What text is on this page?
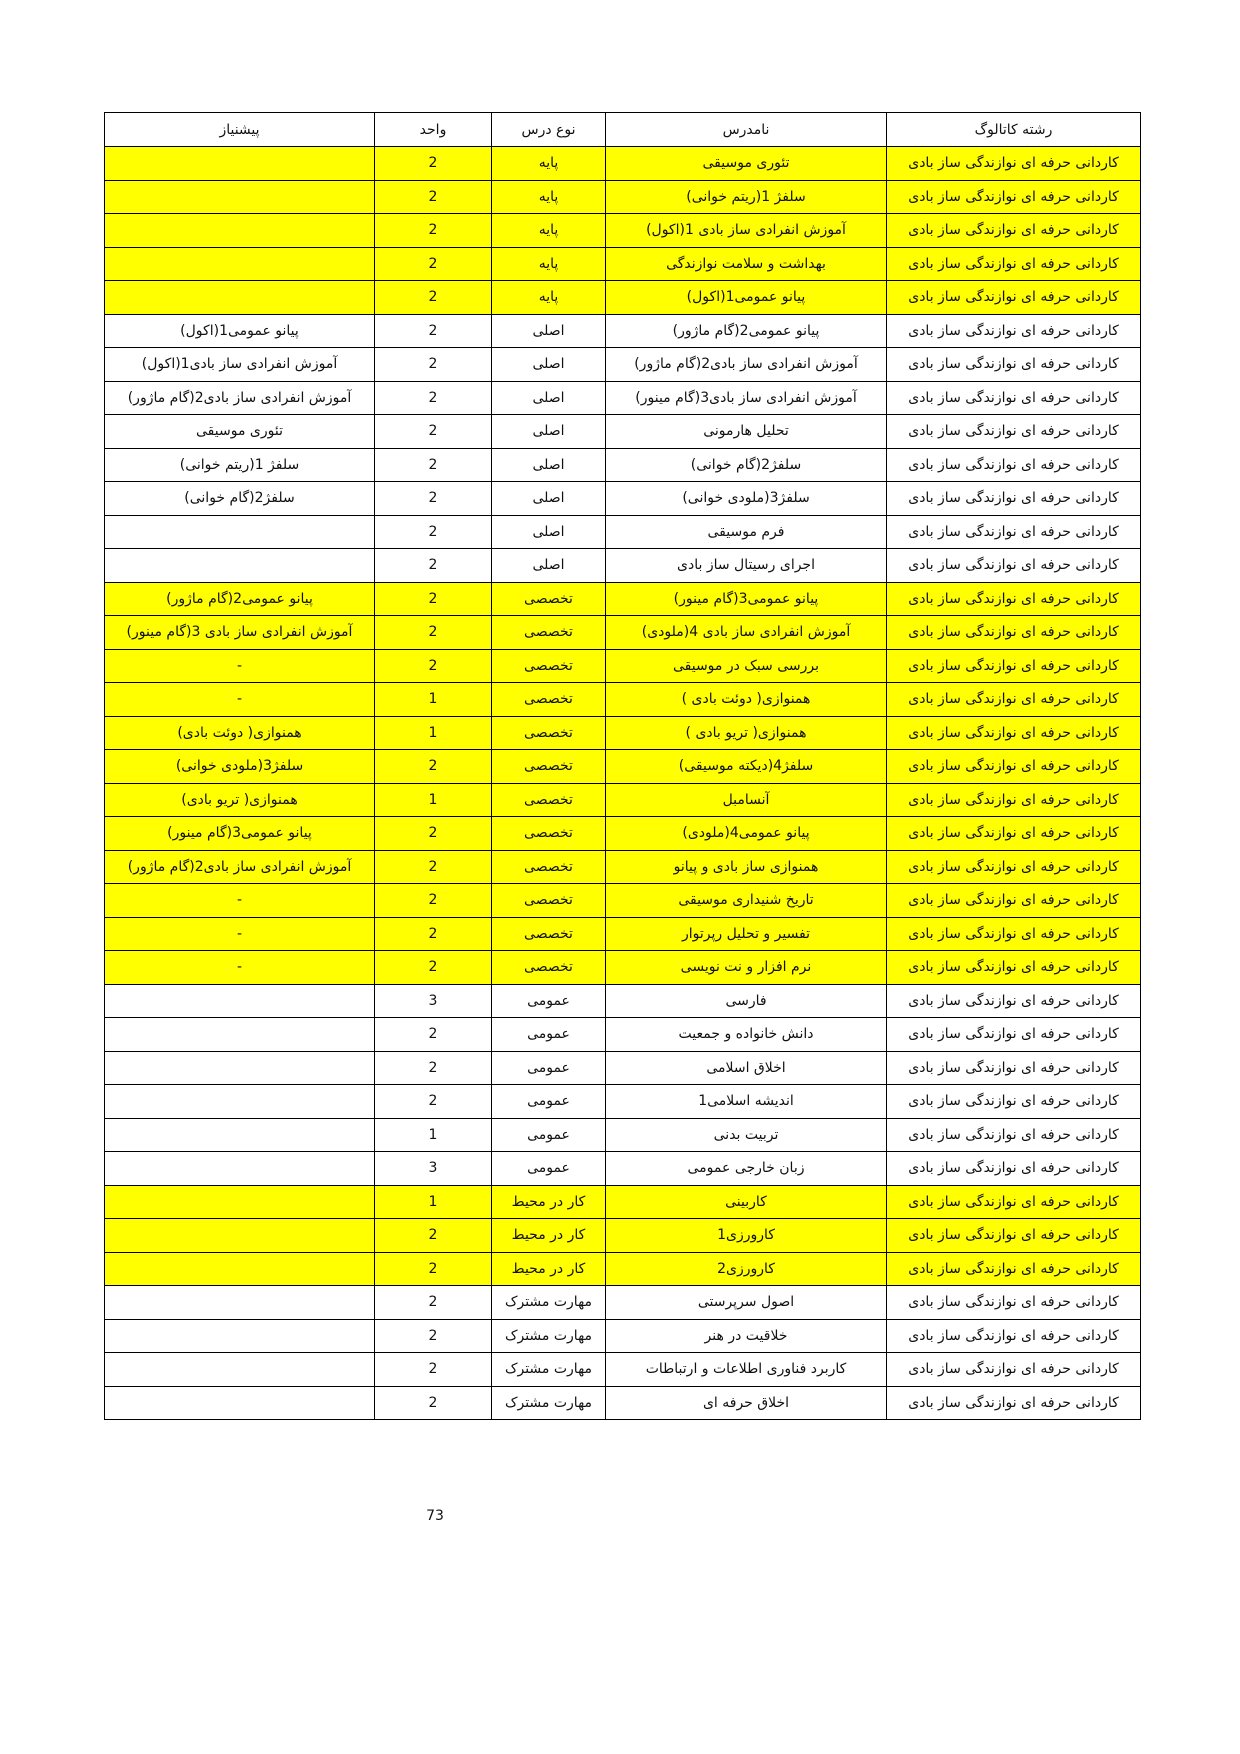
رشته کاتالوگ	نامدرس	نوع درس	واحد	پیشنیاز
کاردانی حرفه ای نوازندگی ساز بادی	تئوری موسیقی	پایه	2	
کاردانی حرفه ای نوازندگی ساز بادی	سلفژ 1(ریتم خوانی)	پایه	2	
کاردانی حرفه ای نوازندگی ساز بادی	آموزش انفرادی ساز بادی 1(اکول)	پایه	2	
کاردانی حرفه ای نوازندگی ساز بادی	بهداشت و سلامت نوازندگی	پایه	2	
کاردانی حرفه ای نوازندگی ساز بادی	پیانو عمومی1(اکول)	پایه	2	
کاردانی حرفه ای نوازندگی ساز بادی	پیانو عمومی2(گام ماژور)	اصلی	2	پیانو عمومی1(اکول)
کاردانی حرفه ای نوازندگی ساز بادی	آموزش انفرادی ساز بادی2(گام ماژور)	اصلی	2	آموزش انفرادی ساز بادی1(اکول)
کاردانی حرفه ای نوازندگی ساز بادی	آموزش انفرادی ساز بادی3(گام مینور)	اصلی	2	آموزش انفرادی ساز بادی2(گام ماژور)
کاردانی حرفه ای نوازندگی ساز بادی	تحلیل هارمونی	اصلی	2	تئوری موسیقی
کاردانی حرفه ای نوازندگی ساز بادی	سلفژ2(گام خوانی)	اصلی	2	سلفژ 1(ریتم خوانی)
کاردانی حرفه ای نوازندگی ساز بادی	سلفژ3(ملودی خوانی)	اصلی	2	سلفژ2(گام خوانی)
کاردانی حرفه ای نوازندگی ساز بادی	فرم موسیقی	اصلی	2	
کاردانی حرفه ای نوازندگی ساز بادی	اجرای رسیتال ساز بادی	اصلی	2	
کاردانی حرفه ای نوازندگی ساز بادی	پیانو عمومی3(گام مینور)	تخصصی	2	پیانو عمومی2(گام ماژور)
کاردانی حرفه ای نوازندگی ساز بادی	آموزش انفرادی ساز بادی 4(ملودی)	تخصصی	2	آموزش انفرادی ساز بادی 3(گام مینور)
کاردانی حرفه ای نوازندگی ساز بادی	بررسی سبک در موسیقی	تخصصی	2	-
کاردانی حرفه ای نوازندگی ساز بادی	همنوازی( دوئت بادی )	تخصصی	1	-
کاردانی حرفه ای نوازندگی ساز بادی	همنوازی( تریو بادی )	تخصصی	1	همنوازی( دوئت بادی)
کاردانی حرفه ای نوازندگی ساز بادی	سلفژ4(دیکته موسیقی)	تخصصی	2	سلفژ3(ملودی خوانی)
کاردانی حرفه ای نوازندگی ساز بادی	آنسامبل	تخصصی	1	همنوازی( تریو بادی)
کاردانی حرفه ای نوازندگی ساز بادی	پیانو عمومی4(ملودی)	تخصصی	2	پیانو عمومی3(گام مینور)
کاردانی حرفه ای نوازندگی ساز بادی	همنوازی ساز بادی و پیانو	تخصصی	2	آموزش انفرادی ساز بادی2(گام ماژور)
کاردانی حرفه ای نوازندگی ساز بادی	تاریخ شنیداری موسیقی	تخصصی	2	-
کاردانی حرفه ای نوازندگی ساز بادی	تفسیر و تحلیل رپرتوار	تخصصی	2	-
کاردانی حرفه ای نوازندگی ساز بادی	نرم افزار و نت نویسی	تخصصی	2	-
کاردانی حرفه ای نوازندگی ساز بادی	فارسی	عمومی	3	
کاردانی حرفه ای نوازندگی ساز بادی	دانش خانواده و جمعیت	عمومی	2	
کاردانی حرفه ای نوازندگی ساز بادی	اخلاق اسلامی	عمومی	2	
کاردانی حرفه ای نوازندگی ساز بادی	اندیشه اسلامی1	عمومی	2	
کاردانی حرفه ای نوازندگی ساز بادی	تربیت بدنی	عمومی	1	
کاردانی حرفه ای نوازندگی ساز بادی	زبان خارجی عمومی	عمومی	3	
کاردانی حرفه ای نوازندگی ساز بادی	کاربینی	کار در محیط	1	
کاردانی حرفه ای نوازندگی ساز بادی	کارورزی1	کار در محیط	2	
کاردانی حرفه ای نوازندگی ساز بادی	کارورزی2	کار در محیط	2	
کاردانی حرفه ای نوازندگی ساز بادی	اصول سرپرستی	مهارت مشترک	2	
کاردانی حرفه ای نوازندگی ساز بادی	خلاقیت در هنر	مهارت مشترک	2	
کاردانی حرفه ای نوازندگی ساز بادی	کاربرد فناوری اطلاعات و ارتباطات	مهارت مشترک	2	
کاردانی حرفه ای نوازندگی ساز بادی	اخلاق حرفه ای	مهارت مشترک	2	
73
